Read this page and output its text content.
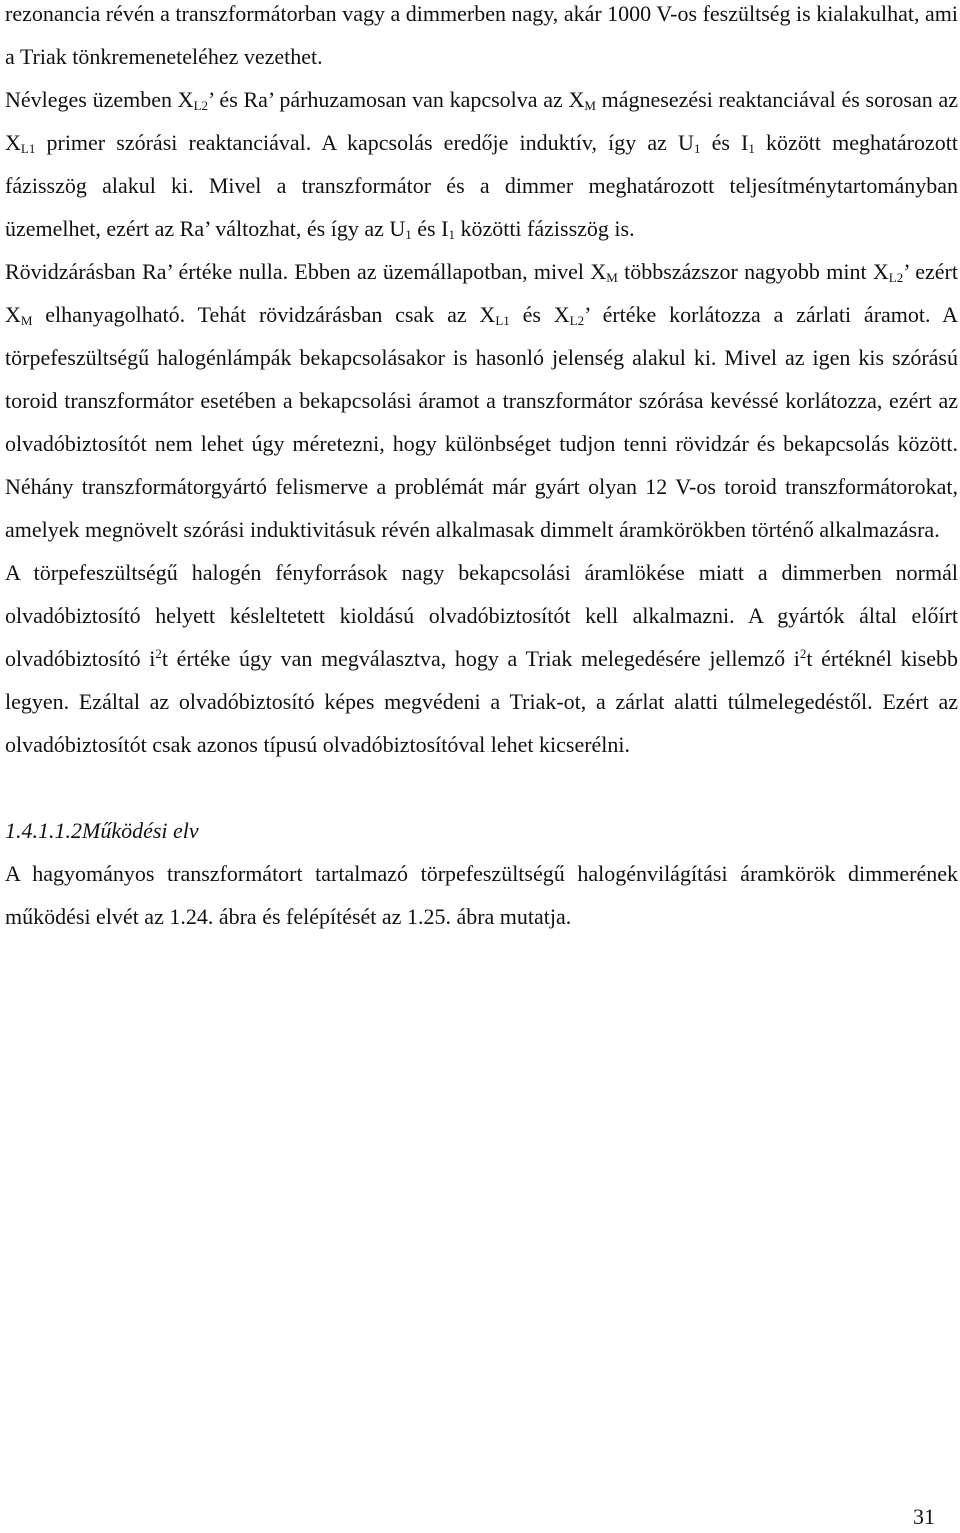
rezonancia révén a transzformátorban vagy a dimmerben nagy, akár 1000 V-os feszültség is kialakulhat, ami a Triak tönkremeneteléhez vezethet.

Névleges üzemben $X_{L2}$’ és Ra’ párhuzamosan van kapcsolva az $X_M$ mágnesezési reaktanciával és sorosan az $X_{L1}$ primer szórási reaktanciával. A kapcsolás eredője induktív, így az $U_1$ és $I_1$ között meghatározott fázisszög alakul ki. Mivel a transzformátor és a dimmer meghatározott teljesítménytartományban üzemelhet, ezért az Ra’ változhat, és így az $U_1$ és $I_1$ közötti fázisszög is.

Rövidzárásban Ra’ értéke nulla. Ebben az üzemállapotban, mivel $X_M$ többszázszor nagyobb mint $X_{L2}$’ ezért $X_M$ elhanyagolható. Tehát rövidzárásban csak az $X_{L1}$ és $X_{L2}$’ értéke korlátozza a zárlati áramot. A törpefeszültségű halogénlámpák bekapcsolásakor is hasonló jelenség alakul ki. Mivel az igen kis szórású toroid transzformátor esetében a bekapcsolási áramot a transzformátor szórása kevéssé korlátozza, ezért az olvadóbiztosítót nem lehet úgy méretezni, hogy különbséget tudjon tenni rövidzár és bekapcsolás között. Néhány transzformátorgyártó felismerve a problémát már gyárt olyan 12 V-os toroid transzformátorokat, amelyek megnövelt szórási induktivitásuk révén alkalmasak dimmelt áramkörökben történő alkalmazásra.

A törpefeszültségű halogén fényforrások nagy bekapcsolási áramlökése miatt a dimmerben normál olvadóbiztosító helyett késleltetett kioldású olvadóbiztosítót kell alkalmazni. A gyártók által előírt olvadóbiztosító $i^2t$ értéke úgy van megválasztva, hogy a Triak melegedésére jellemző $i^2t$ értéknél kisebb legyen. Ezáltal az olvadóbiztosító képes megvédeni a Triak-ot, a zárlat alatti túlmelegedéstől. Ezért az olvadóbiztosítót csak azonos típusú olvadóbiztosítóval lehet kicserélni.

1.4.1.1.2Működési elv

A hagyományos transzformátort tartalmazó törpefeszültségű halogénvilágítási áramkörök dimmerének működési elvét az 1.24. ábra és felépítését az 1.25. ábra mutatja.

31
